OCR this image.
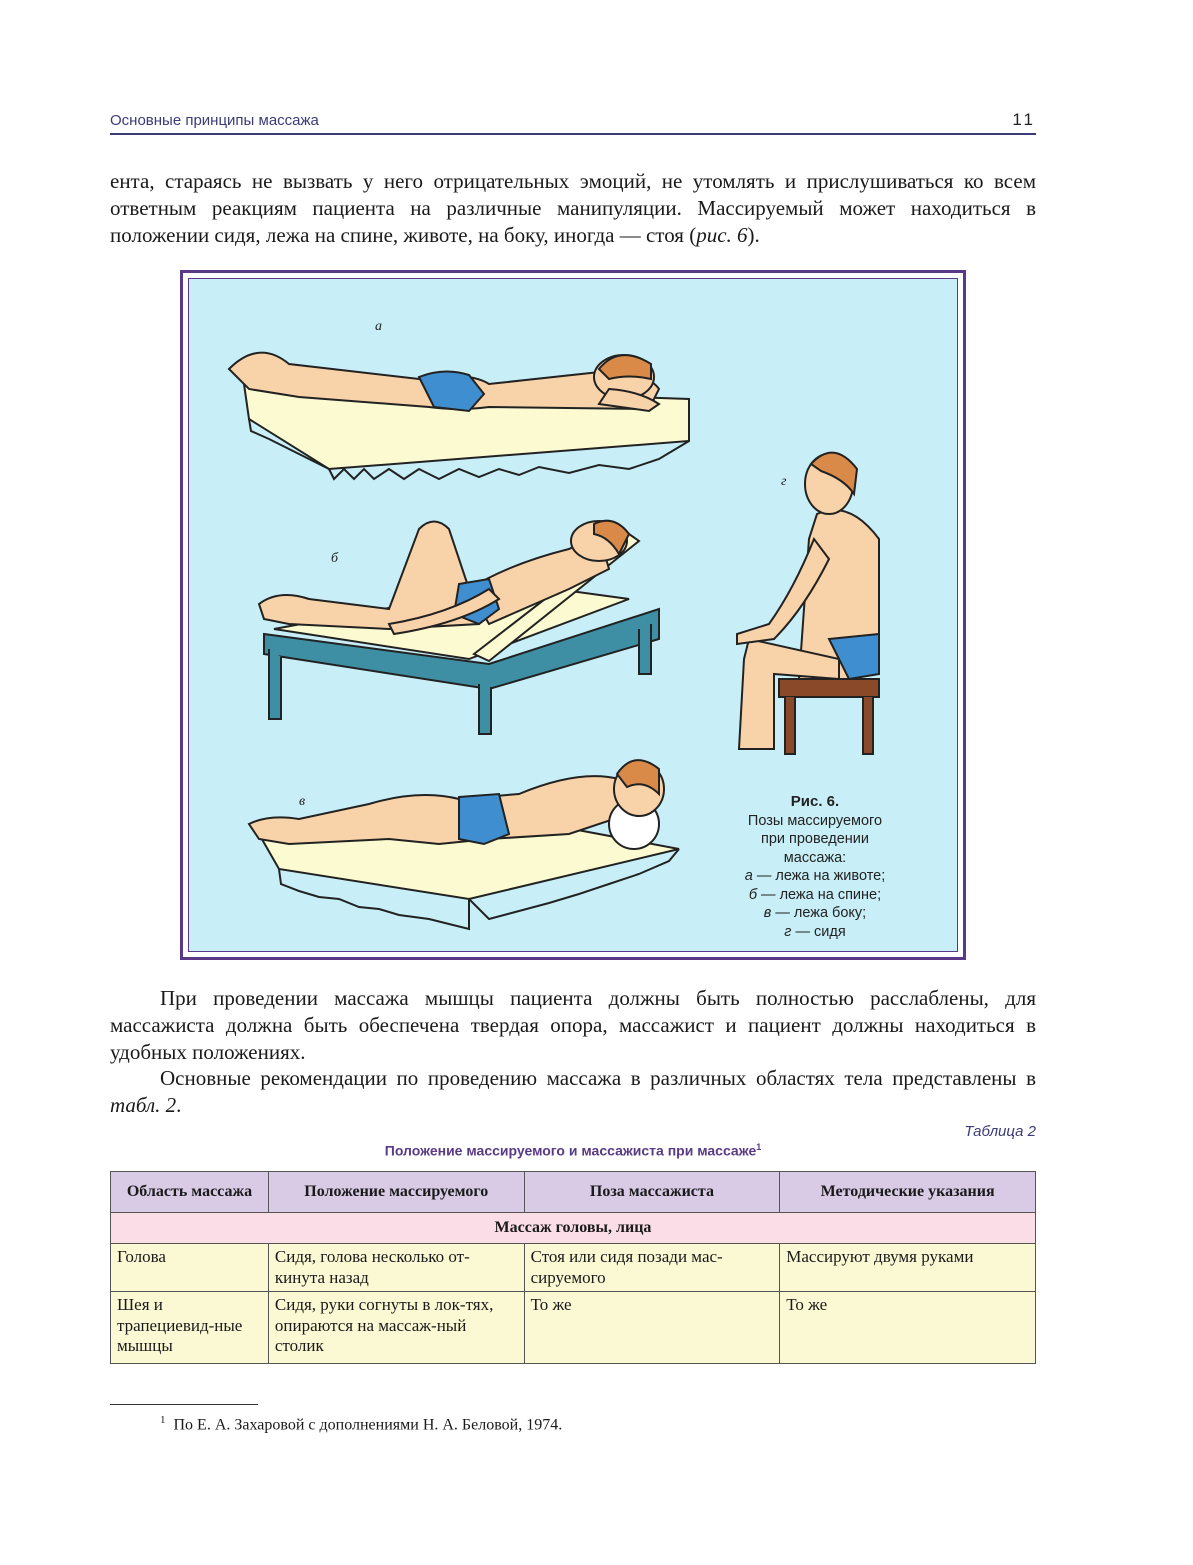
Основные принципы массажа	11

ента, стараясь не вызвать у него отрицательных эмоций, не утомлять и прислушиваться ко всем ответным реакциям пациента на различные манипуляции. Массируемый может находиться в положении сидя, лежа на спине, животе, на боку, иногда — стоя (рис. 6).

а
б
в
г
Рис. 6.
Позы массируемого
при проведении
массажа:
а — лежа на животе;
б — лежа на спине;
в — лежа боку;
г — сидя

При проведении массажа мышцы пациента должны быть полностью расслаблены, для массажиста должна быть обеспечена твердая опора, массажист и пациент должны находиться в удобных положениях.

Основные рекомендации по проведению массажа в различных областях тела представлены в табл. 2.

Таблица 2
Положение массируемого и массажиста при массаже$^1$
Область массажа	Положение массируемого	Поза массажиста	Методические указания
Массаж головы, лица			
Голова	Сидя, голова несколько от-кинута назад	Стоя или сидя позади мас-сируемого	Массируют двумя руками
Шея и трапециевид-ные мышцы	Сидя, руки согнуты в лок-тях, опираются на массаж-ный столик	То же	То же
$^1$ По Е. А. Захаровой с дополнениями Н. А. Беловой, 1974.
